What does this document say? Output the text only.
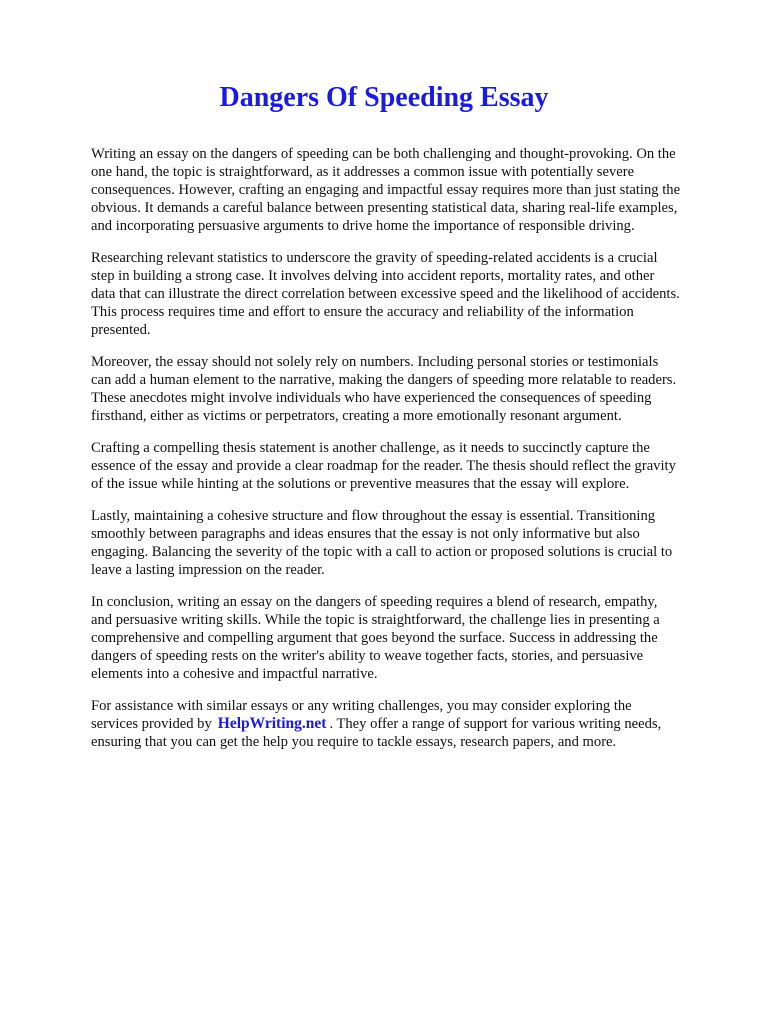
Dangers Of Speeding Essay

Writing an essay on the dangers of speeding can be both challenging and thought-provoking. On the one hand, the topic is straightforward, as it addresses a common issue with potentially severe consequences. However, crafting an engaging and impactful essay requires more than just stating the obvious. It demands a careful balance between presenting statistical data, sharing real-life examples, and incorporating persuasive arguments to drive home the importance of responsible driving.

Researching relevant statistics to underscore the gravity of speeding-related accidents is a crucial step in building a strong case. It involves delving into accident reports, mortality rates, and other data that can illustrate the direct correlation between excessive speed and the likelihood of accidents. This process requires time and effort to ensure the accuracy and reliability of the information presented.

Moreover, the essay should not solely rely on numbers. Including personal stories or testimonials can add a human element to the narrative, making the dangers of speeding more relatable to readers. These anecdotes might involve individuals who have experienced the consequences of speeding firsthand, either as victims or perpetrators, creating a more emotionally resonant argument.

Crafting a compelling thesis statement is another challenge, as it needs to succinctly capture the essence of the essay and provide a clear roadmap for the reader. The thesis should reflect the gravity of the issue while hinting at the solutions or preventive measures that the essay will explore.

Lastly, maintaining a cohesive structure and flow throughout the essay is essential. Transitioning smoothly between paragraphs and ideas ensures that the essay is not only informative but also engaging. Balancing the severity of the topic with a call to action or proposed solutions is crucial to leave a lasting impression on the reader.

In conclusion, writing an essay on the dangers of speeding requires a blend of research, empathy, and persuasive writing skills. While the topic is straightforward, the challenge lies in presenting a comprehensive and compelling argument that goes beyond the surface. Success in addressing the dangers of speeding rests on the writer's ability to weave together facts, stories, and persuasive elements into a cohesive and impactful narrative.

For assistance with similar essays or any writing challenges, you may consider exploring the services provided by HelpWriting.net . They offer a range of support for various writing needs, ensuring that you can get the help you require to tackle essays, research papers, and more.
